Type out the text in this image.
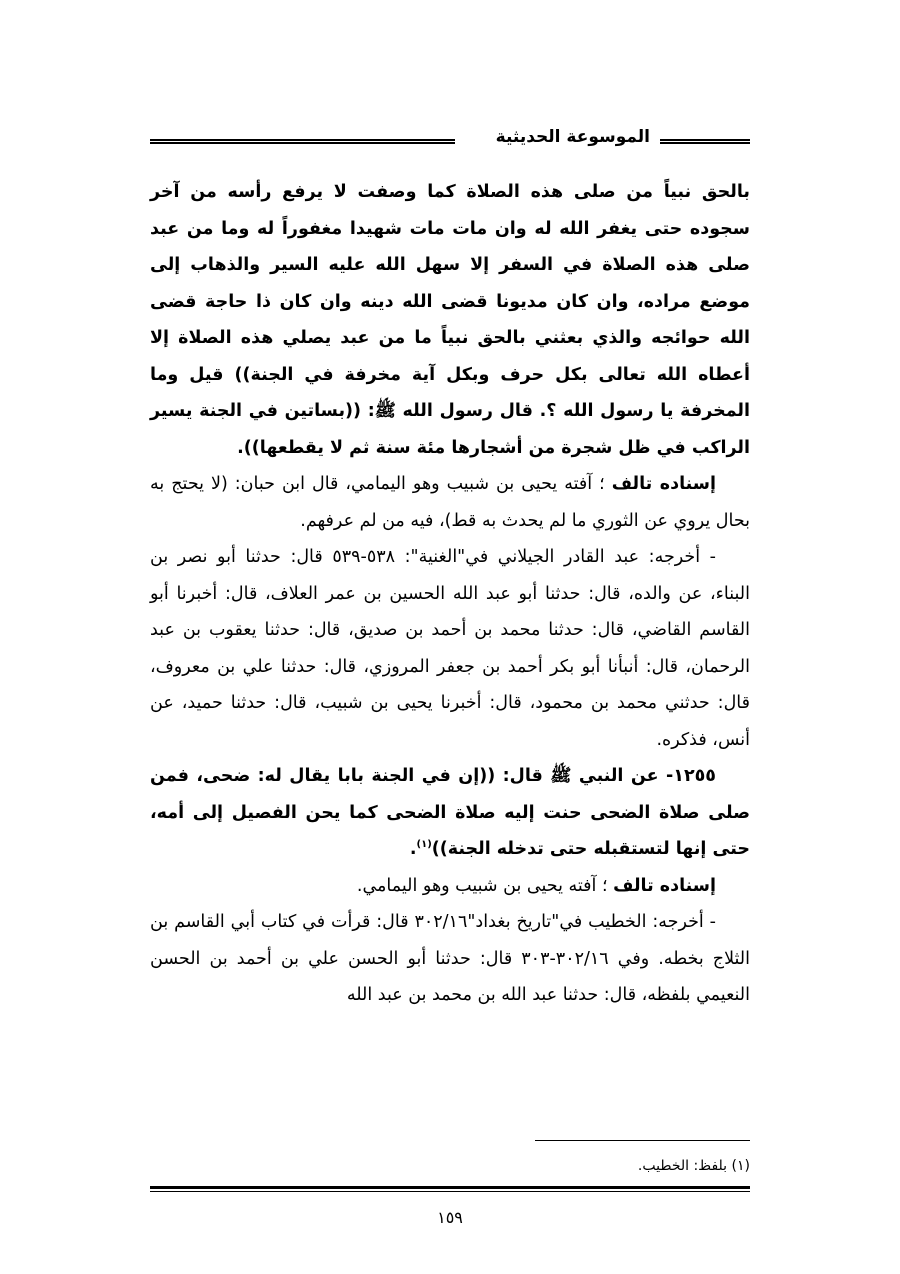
الموسوعة الحديثية

بالحق نبياً من صلى هذه الصلاة كما وصفت لا يرفع رأسه من آخر سجوده حتى يغفر الله له وان مات مات شهيدا مغفوراً له وما من عبد صلى هذه الصلاة في السفر إلا سهل الله عليه السير والذهاب إلى موضع مراده، وان كان مديونا قضى الله دينه وان كان ذا حاجة قضى الله حوائجه والذي بعثني بالحق نبياً ما من عبد يصلي هذه الصلاة إلا أعطاه الله تعالى بكل حرف وبكل آية مخرفة في الجنة)) قيل وما المخرفة يا رسول الله ؟. قال رسول الله ﷺ: ((بساتين في الجنة يسير الراكب في ظل شجرة من أشجارها مئة سنة ثم لا يقطعها)).

إسناده تالف ؛ آفته يحيى بن شبيب وهو اليمامي، قال ابن حبان: (لا يحتج به بحال يروي عن الثوري ما لم يحدث به قط)، فيه من لم عرفهم.

- أخرجه: عبد القادر الجيلاني في"الغنية": ٥٣٨-٥٣٩ قال: حدثنا أبو نصر بن البناء، عن والده، قال: حدثنا أبو عبد الله الحسين بن عمر العلاف، قال: أخبرنا أبو القاسم القاضي، قال: حدثنا محمد بن أحمد بن صديق، قال: حدثنا يعقوب بن عبد الرحمان، قال: أنبأنا أبو بكر أحمد بن جعفر المروزي، قال: حدثنا علي بن معروف، قال: حدثني محمد بن محمود، قال: أخبرنا يحيى بن شبيب، قال: حدثنا حميد، عن أنس، فذكره.

١٢٥٥- عن النبي ﷺ قال: ((إن في الجنة بابا يقال له: ضحى، فمن صلى صلاة الضحى حنت إليه صلاة الضحى كما يحن الفصيل إلى أمه، حتى إنها لتستقبله حتى تدخله الجنة))$^{(١)}$.

إسناده تالف ؛ آفته يحيى بن شبيب وهو اليمامي.

- أخرجه: الخطيب في"تاريخ بغداد"٣٠٢/١٦ قال: قرأت في كتاب أبي القاسم بن الثلاج بخطه. وفي ٣٠٢/١٦-٣٠٣ قال: حدثنا أبو الحسن علي بن أحمد بن الحسن النعيمي بلفظه، قال: حدثنا عبد الله بن محمد بن عبد الله

(١) بلفظ: الخطيب.
١٥٩
